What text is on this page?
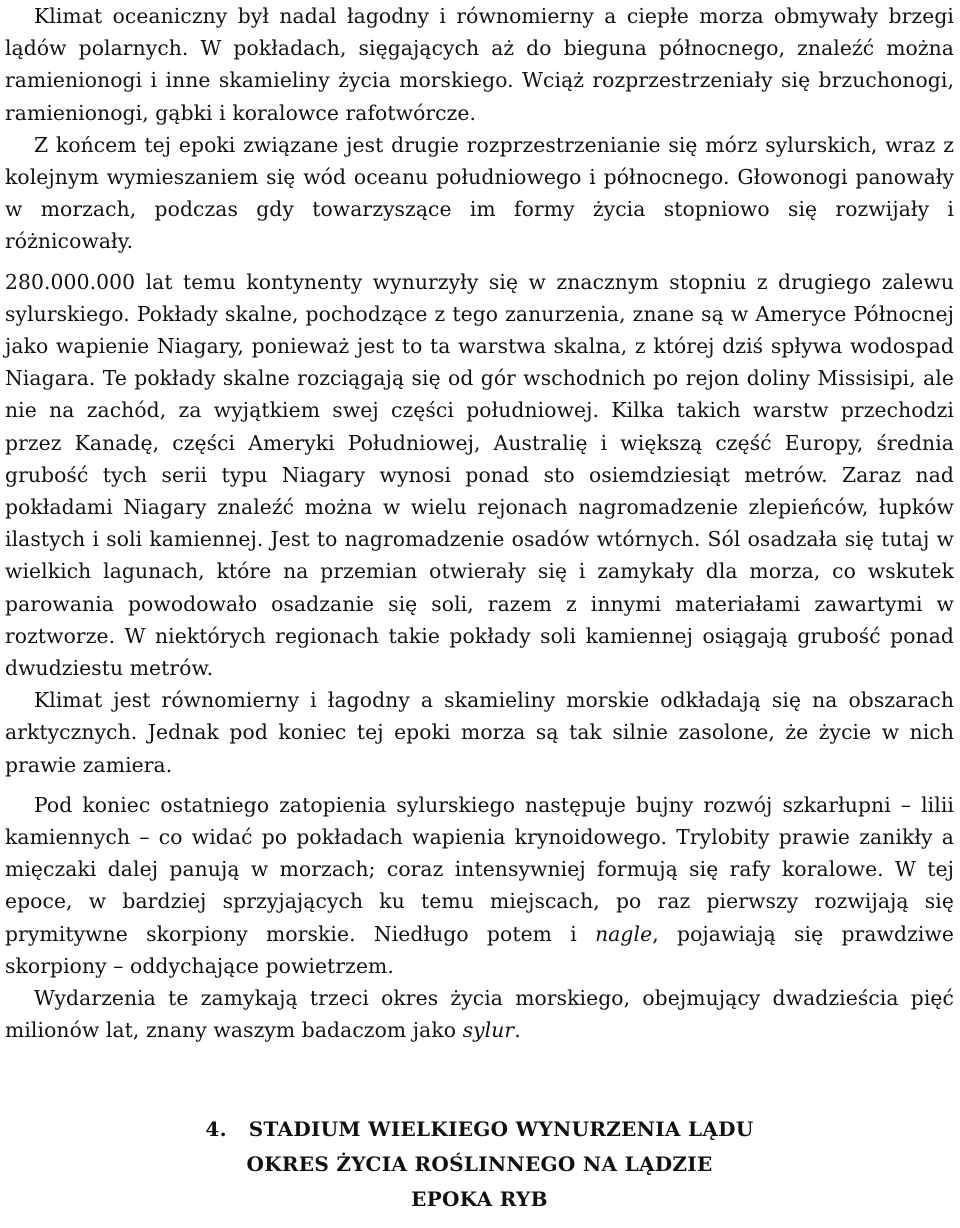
Klimat oceaniczny był nadal łagodny i równomierny a ciepłe morza obmywały brzegi lądów polarnych. W pokładach, sięgających aż do bieguna północnego, znaleźć można ramienionogi i inne skamieliny życia morskiego. Wciąż rozprzestrzeniały się brzuchonogi, ramienionogi, gąbki i koralowce rafotwórcze.

Z końcem tej epoki związane jest drugie rozprzestrzenianie się mórz sylurskich, wraz z kolejnym wymieszaniem się wód oceanu południowego i północnego. Głowonogi panowały w morzach, podczas gdy towarzyszące im formy życia stopniowo się rozwijały i różnicowały.

280.000.000 lat temu kontynenty wynurzyły się w znacznym stopniu z drugiego zalewu sylurskiego. Pokłady skalne, pochodzące z tego zanurzenia, znane są w Ameryce Północnej jako wapienie Niagary, ponieważ jest to ta warstwa skalna, z której dziś spływa wodospad Niagara. Te pokłady skalne rozciągają się od gór wschodnich po rejon doliny Missisipi, ale nie na zachód, za wyjątkiem swej części południowej. Kilka takich warstw przechodzi przez Kanadę, części Ameryki Południowej, Australię i większą część Europy, średnia grubość tych serii typu Niagary wynosi ponad sto osiemdziesiąt metrów. Zaraz nad pokładami Niagary znaleźć można w wielu rejonach nagromadzenie zlepieńców, łupków ilastych i soli kamiennej. Jest to nagromadzenie osadów wtórnych. Sól osadzała się tutaj w wielkich lagunach, które na przemian otwierały się i zamykały dla morza, co wskutek parowania powodowało osadzanie się soli, razem z innymi materiałami zawartymi w roztworze. W niektórych regionach takie pokłady soli kamiennej osiągają grubość ponad dwudziestu metrów.

Klimat jest równomierny i łagodny a skamieliny morskie odkładają się na obszarach arktycznych. Jednak pod koniec tej epoki morza są tak silnie zasolone, że życie w nich prawie zamiera.

Pod koniec ostatniego zatopienia sylurskiego następuje bujny rozwój szkarłupni – lilii kamiennych – co widać po pokładach wapienia krynoidowego. Trylobity prawie zanikły a mięczaki dalej panują w morzach; coraz intensywniej formują się rafy koralowe. W tej epoce, w bardziej sprzyjających ku temu miejscach, po raz pierwszy rozwijają się prymitywne skorpiony morskie. Niedługo potem i nagle, pojawiają się prawdziwe skorpiony – oddychające powietrzem.

Wydarzenia te zamykają trzeci okres życia morskiego, obejmujący dwadzieścia pięć milionów lat, znany waszym badaczom jako sylur.

4.   STADIUM WIELKIEGO WYNURZENIA LĄDU
OKRES ŻYCIA ROŚLINNEGO NA LĄDZIE
EPOKA RYB
